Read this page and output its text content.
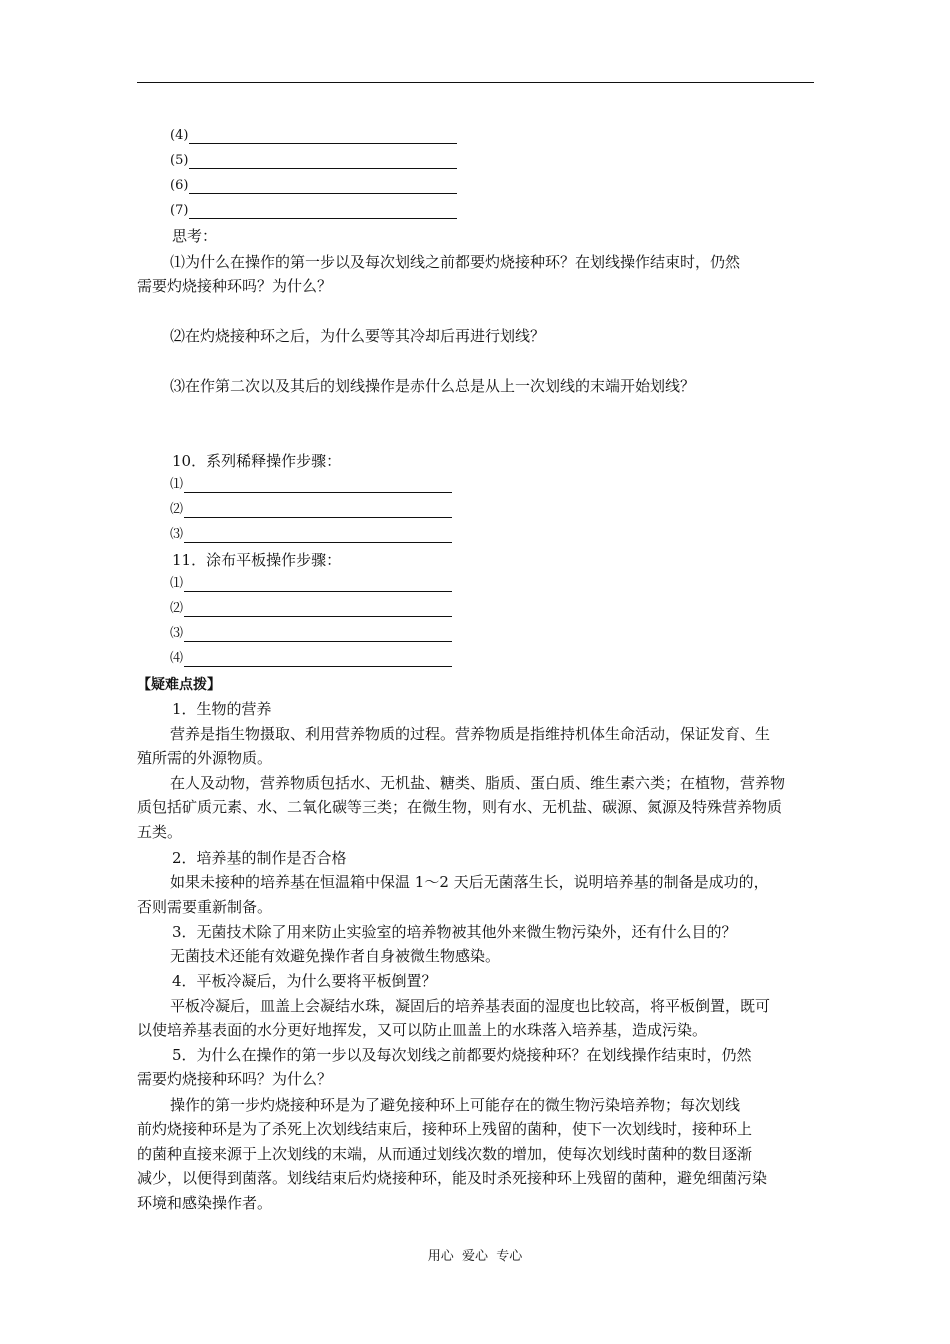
(4)
(5)
(6)
(7)
思考：
⑴为什么在操作的第一步以及每次划线之前都要灼烧接种环？在划线操作结束时，仍然
需要灼烧接种环吗？为什么？
⑵在灼烧接种环之后，为什么要等其冷却后再进行划线？
⑶在作第二次以及其后的划线操作是赤什么总是从上一次划线的末端开始划线？
10．系列稀释操作步骤：
⑴
⑵
⑶
11．涂布平板操作步骤：
⑴
⑵
⑶
⑷
【疑难点拨】
1．生物的营养
营养是指生物摄取、利用营养物质的过程。营养物质是指维持机体生命活动，保证发育、生
殖所需的外源物质。
在人及动物，营养物质包括水、无机盐、糖类、脂质、蛋白质、维生素六类；在植物，营养物
质包括矿质元素、水、二氧化碳等三类；在微生物，则有水、无机盐、碳源、氮源及特殊营养物质
五类。
2．培养基的制作是否合格
如果未接种的培养基在恒温箱中保温 1～2 天后无菌落生长，说明培养基的制备是成功的，
否则需要重新制备。
3．无菌技术除了用来防止实验室的培养物被其他外来微生物污染外，还有什么目的？
无菌技术还能有效避免操作者自身被微生物感染。
4．平板冷凝后，为什么要将平板倒置？
平板冷凝后，皿盖上会凝结水珠，凝固后的培养基表面的湿度也比较高，将平板倒置，既可
以使培养基表面的水分更好地挥发，又可以防止皿盖上的水珠落入培养基，造成污染。
5．为什么在操作的第一步以及每次划线之前都要灼烧接种环？在划线操作结束时，仍然
需要灼烧接种环吗？为什么？
操作的第一步灼烧接种环是为了避免接种环上可能存在的微生物污染培养物；每次划线
前灼烧接种环是为了杀死上次划线结束后，接种环上残留的菌种，使下一次划线时，接种环上
的菌种直接来源于上次划线的末端，从而通过划线次数的增加，使每次划线时菌种的数目逐渐
减少，以便得到菌落。划线结束后灼烧接种环，能及时杀死接种环上残留的菌种，避免细菌污染
环境和感染操作者。
用心  爱心  专心
